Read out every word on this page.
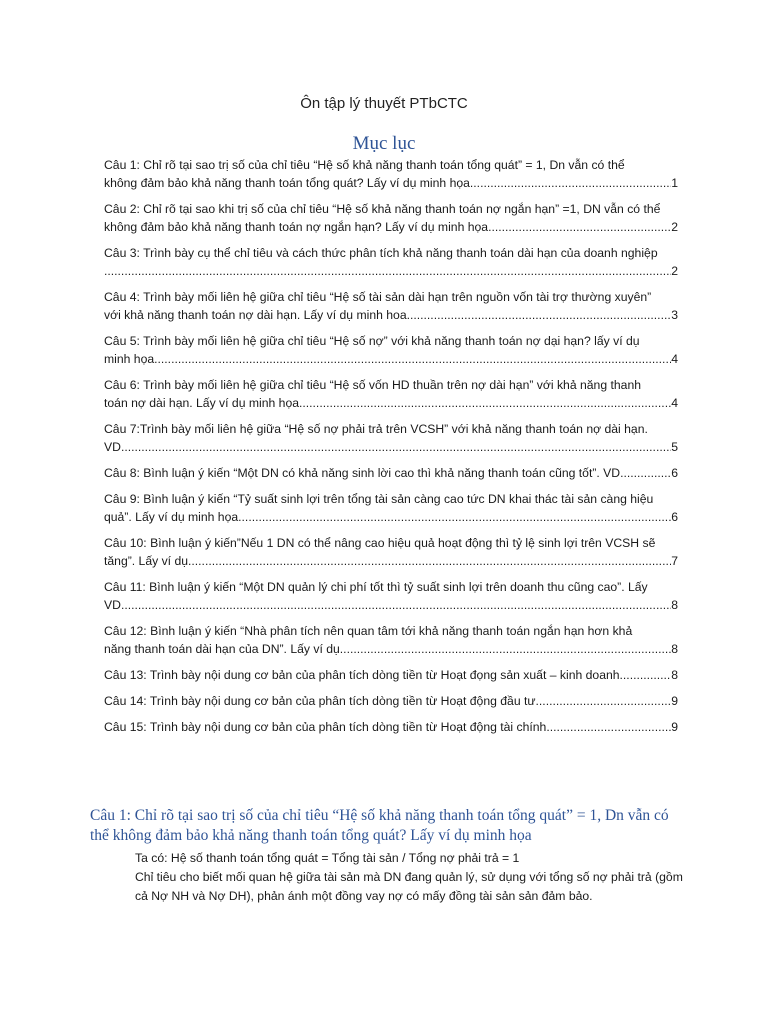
Ôn tập lý thuyết PTbCTC
Mục lục
Câu 1: Chỉ rõ tại sao trị số của chỉ tiêu “Hệ số khả năng thanh toán tổng quát” = 1, Dn vẫn có thể
không đảm bảo khả năng thanh toán tổng quát? Lấy ví dụ minh họa .....	1
Câu 2: Chỉ rõ tại sao khi trị số của chỉ tiêu “Hệ số khả năng thanh toán nợ ngắn hạn” =1, DN vẫn có thể
không đảm bảo khả năng thanh toán nợ ngắn hạn? Lấy ví dụ minh họa .....	2
Câu 3: Trình bày cụ thể chỉ tiêu và cách thức phân tích khả năng thanh toán dài hạn của doanh nghiệp
.....
2
Câu 4: Trình bày mối liên hệ giữa chỉ tiêu “Hệ số tài sản dài hạn trên nguồn vốn tài trợ thường xuyên”
với khả năng thanh toán nợ dài hạn. Lấy ví dụ minh hoa .....	3
Câu 5: Trình bày mối liên hệ giữa chỉ tiêu “Hệ số nợ” với khả năng thanh toán nợ dại hạn? lấy ví dụ
minh họa .....	4
Câu 6: Trình bày mối liên hệ giữa chỉ tiêu “Hệ số vốn HD thuần trên nợ dài hạn” với khả năng thanh
toán nợ dài hạn. Lấy ví dụ minh họa .....	4
Câu 7:Trình bày mối liên hệ giữa “Hệ số nợ phải trả trên VCSH” với khả năng thanh toán nợ dài hạn.
VD .....	5
Câu 8: Bình luận ý kiến “Một DN có khả năng sinh lời cao thì khả năng thanh toán cũng tốt”. VD .....	6
Câu 9: Bình luận ý kiến “Tỷ suất sinh lợi trên tổng tài sản càng cao tức DN khai thác tài sản càng hiệu
quả”. Lấy ví dụ minh họa .....	6
Câu 10: Bình luận ý kiến”Nếu 1 DN có thể nâng cao hiệu quả hoạt động thì tỷ lệ sinh lợi trên VCSH sẽ
tăng”. Lấy ví dụ .....	7
Câu 11: Bình luận ý kiến “Một DN quản lý chi phí tốt thì tỷ suất sinh lợi trên doanh thu cũng cao”. Lấy
VD .....	8
Câu 12: Bình luận ý kiến “Nhà phân tích nên quan tâm tới khả năng thanh toán ngắn hạn hơn khả
năng thanh toán dài hạn của DN”. Lấy ví dụ .....	8
Câu 13: Trình bày nội dung cơ bản của phân tích dòng tiền từ Hoạt đọng sản xuất – kinh doanh .....	8
Câu 14: Trình bày nội dung cơ bản của phân tích dòng tiền từ Hoạt động đầu tư .....	9
Câu 15: Trình bày nội dung cơ bản của phân tích dòng tiền từ Hoạt động tài chính .....	9
Câu 1: Chỉ rõ tại sao trị số của chỉ tiêu “Hệ số khả năng thanh toán tổng quát” = 1, Dn vẫn có thể không đảm bảo khả năng thanh toán tổng quát? Lấy ví dụ minh họa
Ta có: Hệ số thanh toán tổng quát = Tổng tài sản / Tổng nợ phải trả = 1
Chỉ tiêu cho biết mối quan hệ giữa tài sản mà DN đang quản lý, sử dụng với tổng số nợ phải trả (gồm cả Nợ NH và Nợ DH), phản ánh một đồng vay nợ có mấy đồng tài sản sản đảm bảo.
